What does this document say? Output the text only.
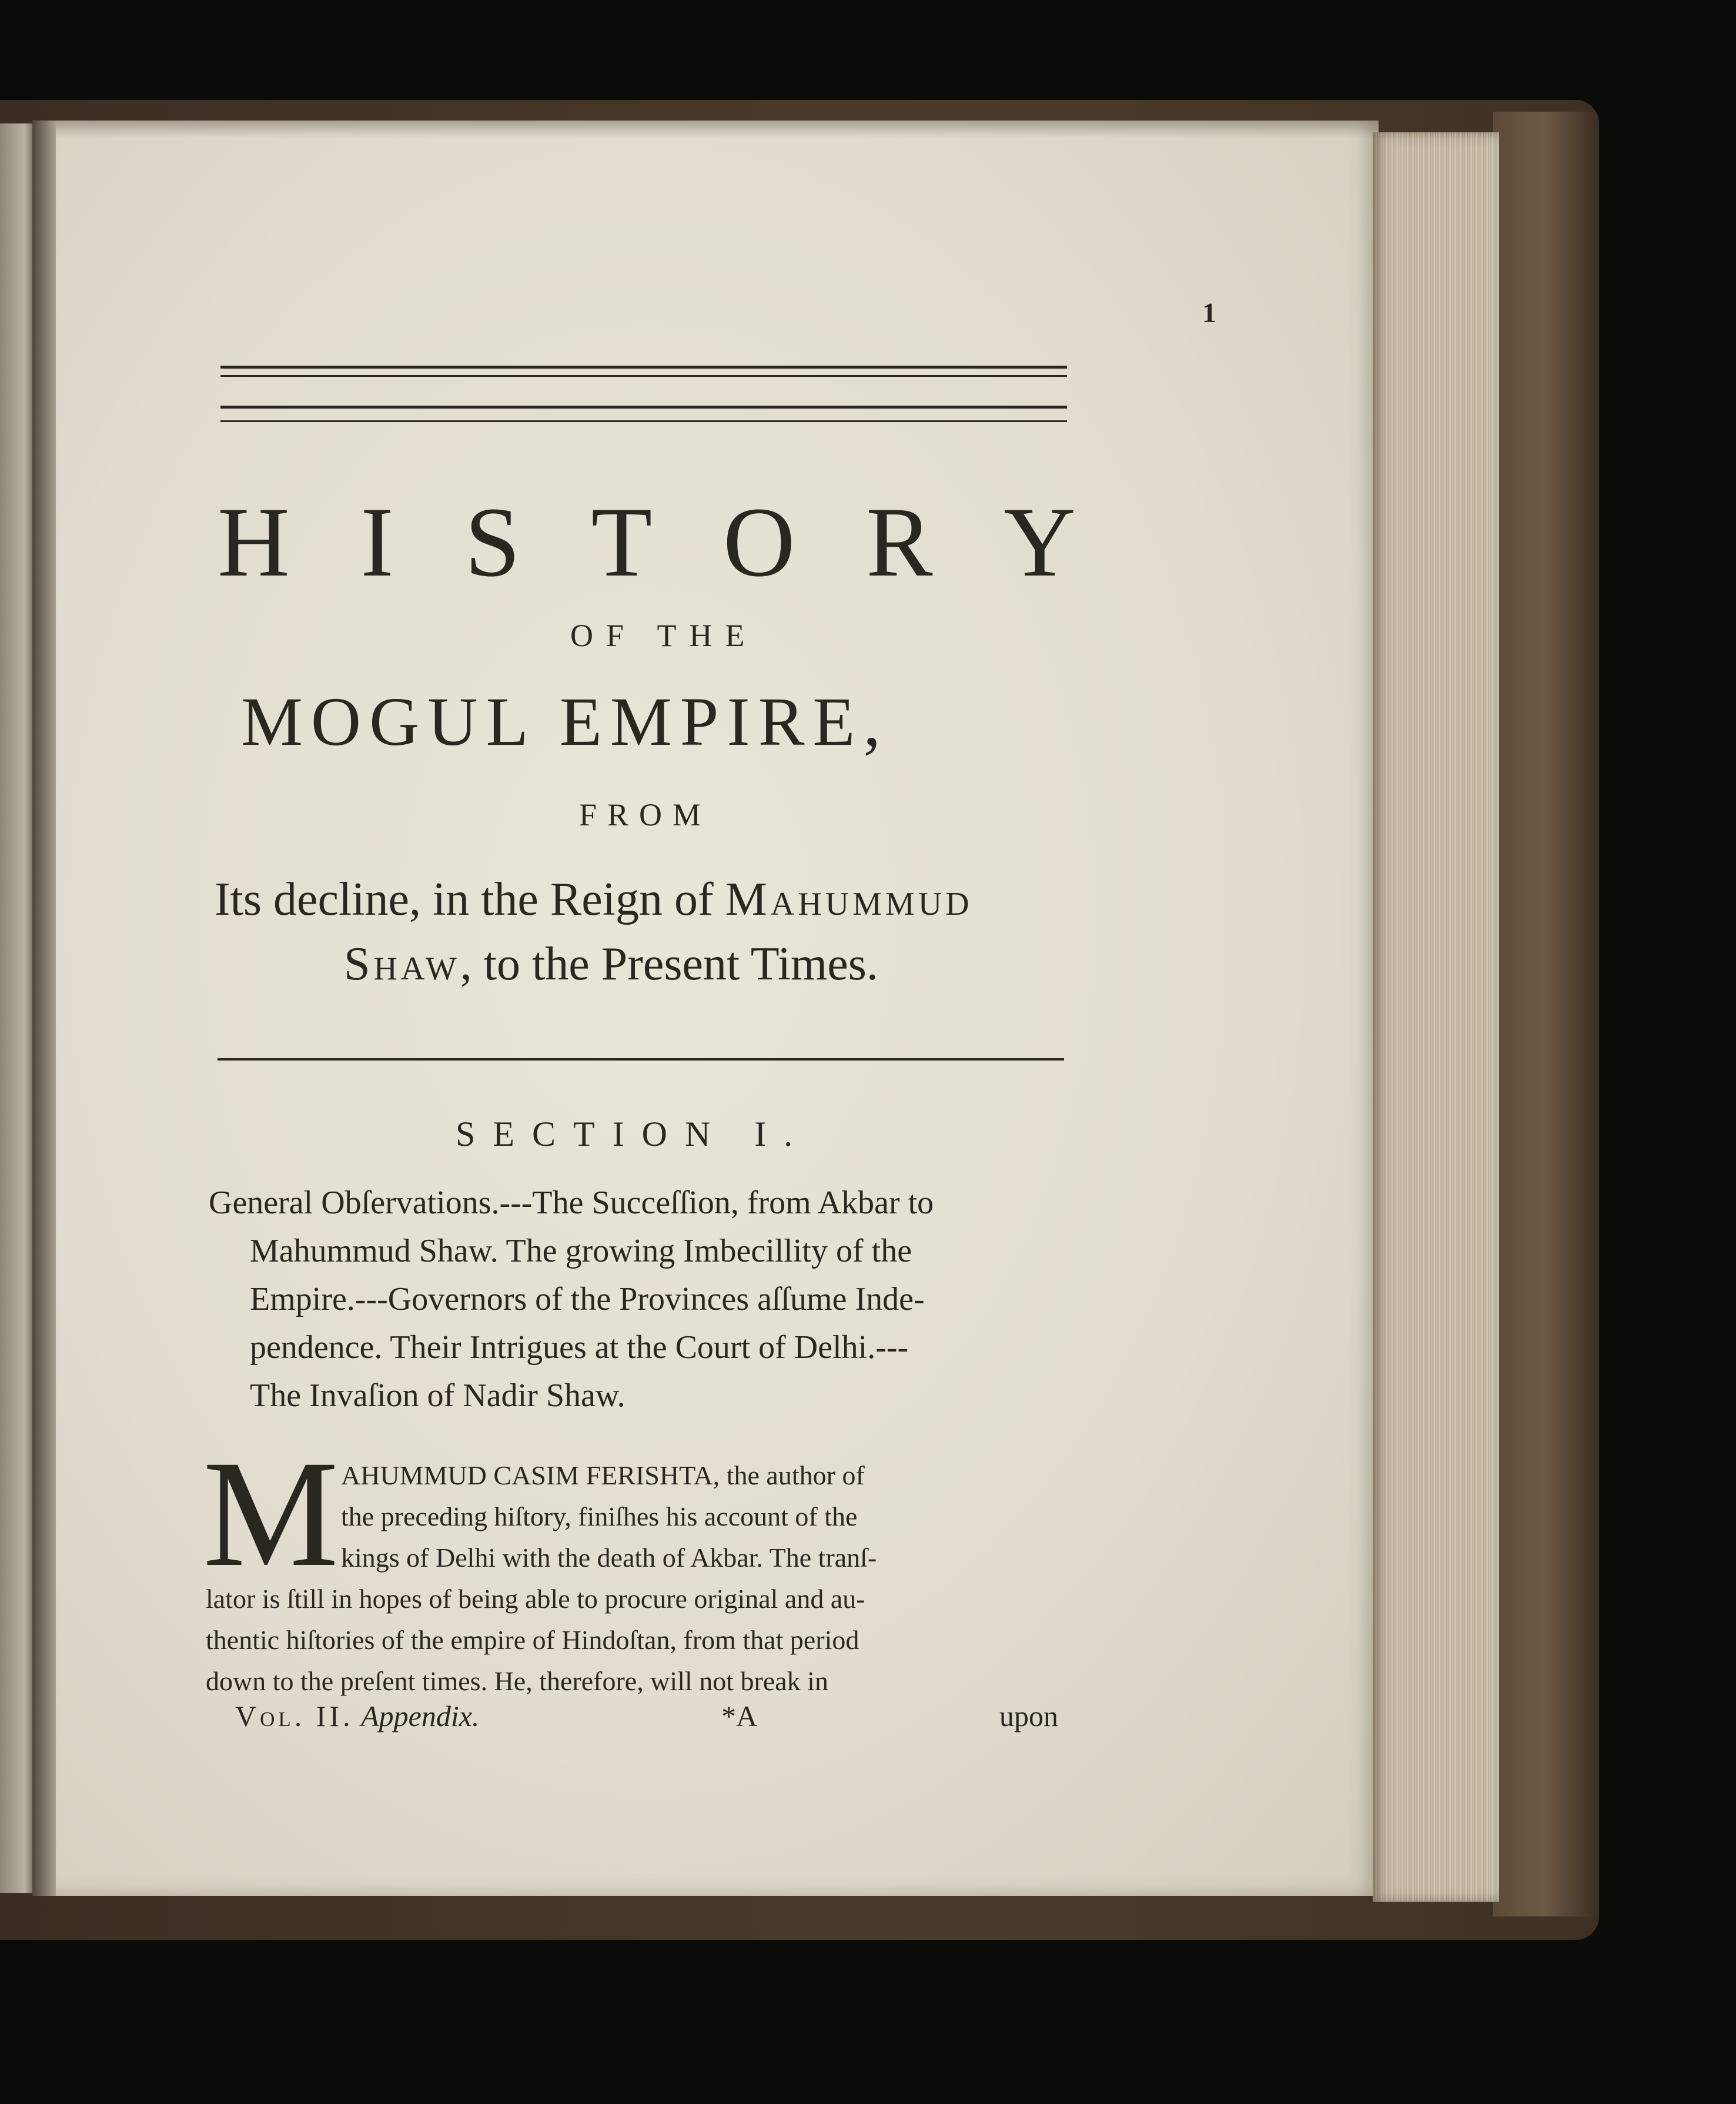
1
H I S T O R Y
OF THE
MOGUL EMPIRE,
FROM
Its decline, in the Reign of Mahummud
Shaw, to the Present Times.
SECTION I.
General Obſervations.---The Succeſſion, from Akbar to
Mahummud Shaw. The growing Imbecillity of the
Empire.---Governors of the Provinces aſſume Inde-
pendence. Their Intrigues at the Court of Delhi.---
The Invaſion of Nadir Shaw.
M AHUMMUD CASIM FERISHTA, the author of
the preceding hiſtory, finiſhes his account of the
kings of Delhi with the death of Akbar. The tranſ-
lator is ſtill in hopes of being able to procure original and au-
thentic hiſtories of the empire of Hindoſtan, from that period
down to the preſent times. He, therefore, will not break in
Vol. II. Appendix.	*A	upon
